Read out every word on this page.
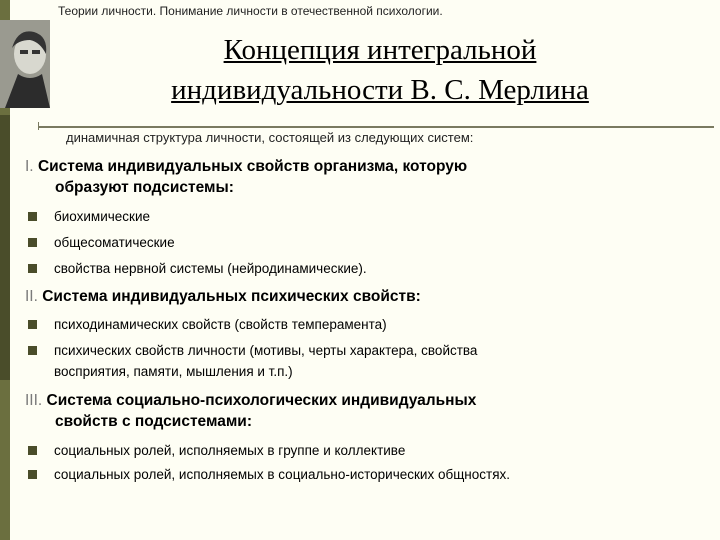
Теории личности. Понимание личности в отечественной психологии.
Концепция интегральной
индивидуальности В. С. Мерлина
динамичная структура личности, состоящей из следующих систем:
I. Система индивидуальных свойств организма, которую
образуют подсистемы:
биохимические
общесоматические
свойства нервной системы (нейродинамические).
II. Система индивидуальных психических свойств:
психодинамических свойств (свойств темперамента)
психических свойств личности (мотивы, черты характера, свойства
восприятия, памяти, мышления и т.п.)
III. Система социально-психологических индивидуальных
свойств с подсистемами:
социальных ролей, исполняемых в группе и коллективе
социальных ролей, исполняемых в социально-исторических общностях.
